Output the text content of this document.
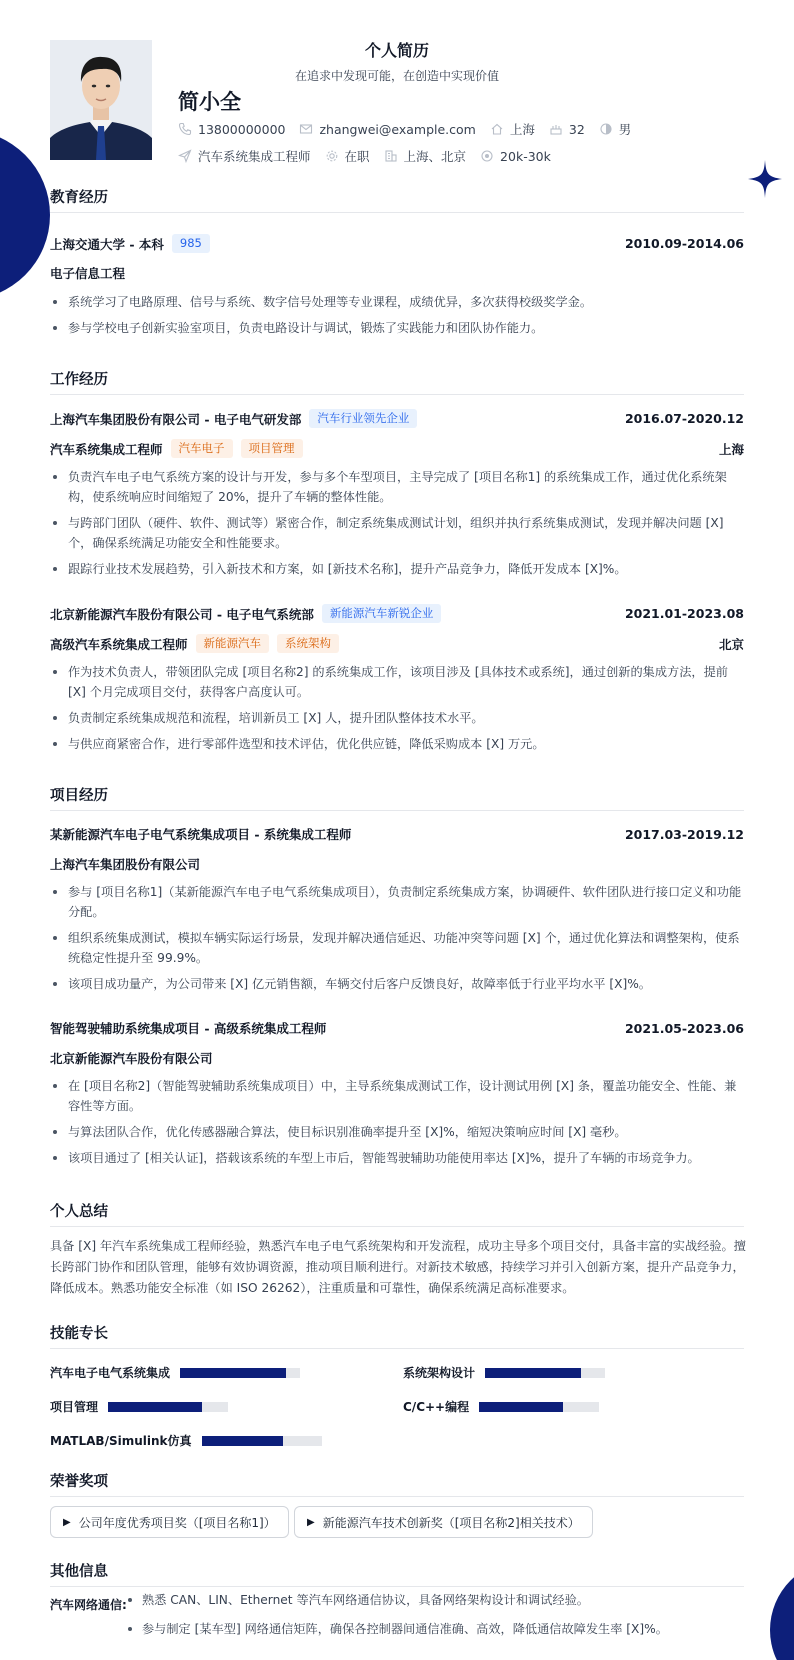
个人简历
在追求中发现可能，在创造中实现价值
简小全
13800000000	zhangwei@example.com	上海	32	男
汽车系统集成工程师	在职	上海、北京	20k-30k
教育经历
上海交通大学 - 本科	985	2010.09-2014.06
电子信息工程
系统学习了电路原理、信号与系统、数字信号处理等专业课程，成绩优异，多次获得校级奖学金。
参与学校电子创新实验室项目，负责电路设计与调试，锻炼了实践能力和团队协作能力。
工作经历
上海汽车集团股份有限公司 - 电子电气研发部	汽车行业领先企业	2016.07-2020.12
汽车系统集成工程师	汽车电子	项目管理	上海
负责汽车电子电气系统方案的设计与开发，参与多个车型项目，主导完成了 [项目名称1] 的系统集成工作，通过优化系统架构，使系统响应时间缩短了 20%，提升了车辆的整体性能。
与跨部门团队（硬件、软件、测试等）紧密合作，制定系统集成测试计划，组织并执行系统集成测试，发现并解决问题 [X] 个，确保系统满足功能安全和性能要求。
跟踪行业技术发展趋势，引入新技术和方案，如 [新技术名称]，提升产品竞争力，降低开发成本 [X]%。
北京新能源汽车股份有限公司 - 电子电气系统部	新能源汽车新锐企业	2021.01-2023.08
高级汽车系统集成工程师	新能源汽车	系统架构	北京
作为技术负责人，带领团队完成 [项目名称2] 的系统集成工作，该项目涉及 [具体技术或系统]，通过创新的集成方法，提前 [X] 个月完成项目交付，获得客户高度认可。
负责制定系统集成规范和流程，培训新员工 [X] 人，提升团队整体技术水平。
与供应商紧密合作，进行零部件选型和技术评估，优化供应链，降低采购成本 [X] 万元。
项目经历
某新能源汽车电子电气系统集成项目 - 系统集成工程师	2017.03-2019.12
上海汽车集团股份有限公司
参与 [项目名称1]（某新能源汽车电子电气系统集成项目），负责制定系统集成方案，协调硬件、软件团队进行接口定义和功能分配。
组织系统集成测试，模拟车辆实际运行场景，发现并解决通信延迟、功能冲突等问题 [X] 个，通过优化算法和调整架构，使系统稳定性提升至 99.9%。
该项目成功量产，为公司带来 [X] 亿元销售额，车辆交付后客户反馈良好，故障率低于行业平均水平 [X]%。
智能驾驶辅助系统集成项目 - 高级系统集成工程师	2021.05-2023.06
北京新能源汽车股份有限公司
在 [项目名称2]（智能驾驶辅助系统集成项目）中，主导系统集成测试工作，设计测试用例 [X] 条，覆盖功能安全、性能、兼容性等方面。
与算法团队合作，优化传感器融合算法，使目标识别准确率提升至 [X]%，缩短决策响应时间 [X] 毫秒。
该项目通过了 [相关认证]，搭载该系统的车型上市后，智能驾驶辅助功能使用率达 [X]%，提升了车辆的市场竞争力。
个人总结
具备 [X] 年汽车系统集成工程师经验，熟悉汽车电子电气系统架构和开发流程，成功主导多个项目交付，具备丰富的实战经验。擅长跨部门协作和团队管理，能够有效协调资源，推动项目顺利进行。对新技术敏感，持续学习并引入创新方案，提升产品竞争力，降低成本。熟悉功能安全标准（如 ISO 26262），注重质量和可靠性，确保系统满足高标准要求。
技能专长
汽车电子电气系统集成	系统架构设计
项目管理	C/C++编程
MATLAB/Simulink仿真
荣誉奖项
▶ 公司年度优秀项目奖（[项目名称1]）	▶ 新能源汽车技术创新奖（[项目名称2]相关技术）
其他信息
汽车网络通信:	熟悉 CAN、LIN、Ethernet 等汽车网络通信协议，具备网络架构设计和调试经验。
参与制定 [某车型] 网络通信矩阵，确保各控制器间通信准确、高效，降低通信故障发生率 [X]%。
